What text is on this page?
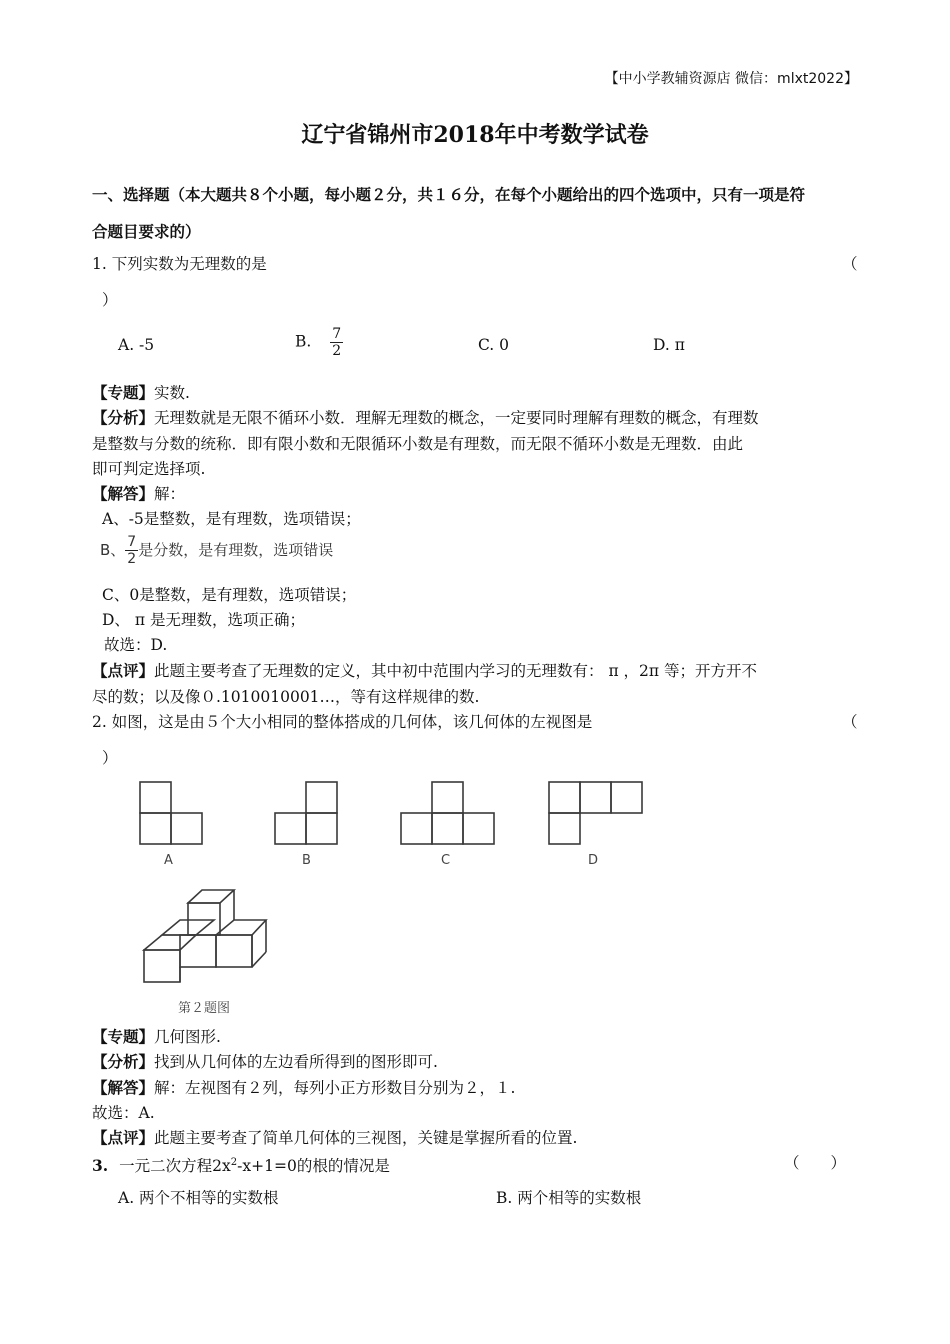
【中小学教辅资源店 微信：mlxt2022】
辽宁省锦州市2018年中考数学试卷
一、选择题（本大题共８个小题，每小题２分，共１６分，在每个小题给出的四个选项中，只有一项是符
合题目要求的）
1. 下列实数为无理数的是	（
）
A. -5	B. $\frac{7}{2}$	C. 0	D. π
【专题】实数.
【分析】无理数就是无限不循环小数．理解无理数的概念，一定要同时理解有理数的概念，有理数
是整数与分数的统称．即有限小数和无限循环小数是有理数，而无限不循环小数是无理数．由此
即可判定选择项.
【解答】解：
A、-5是整数，是有理数，选项错误；
B、 $\frac{7}{2}$ 是分数，是有理数，选项错误
C、0是整数，是有理数，选项错误；
D、 π 是无理数，选项正确；
故选：D.
【点评】此题主要考查了无理数的定义，其中初中范围内学习的无理数有： π ，2π 等；开方开不
尽的数；以及像０.1010010001…，等有这样规律的数.
2. 如图，这是由５个大小相同的整体搭成的几何体，该几何体的左视图是	（
）
A	B	C	D
第２题图
【专题】几何图形.
【分析】找到从几何体的左边看所得到的图形即可.
【解答】解：左视图有２列，每列小正方形数目分别为２，１.
故选：A.
【点评】此题主要考查了简单几何体的三视图，关键是掌握所看的位置.
3. 一元二次方程$2x^2-x+1=0$的根的情况是	（　　）
A. 两个不相等的实数根	B. 两个相等的实数根
